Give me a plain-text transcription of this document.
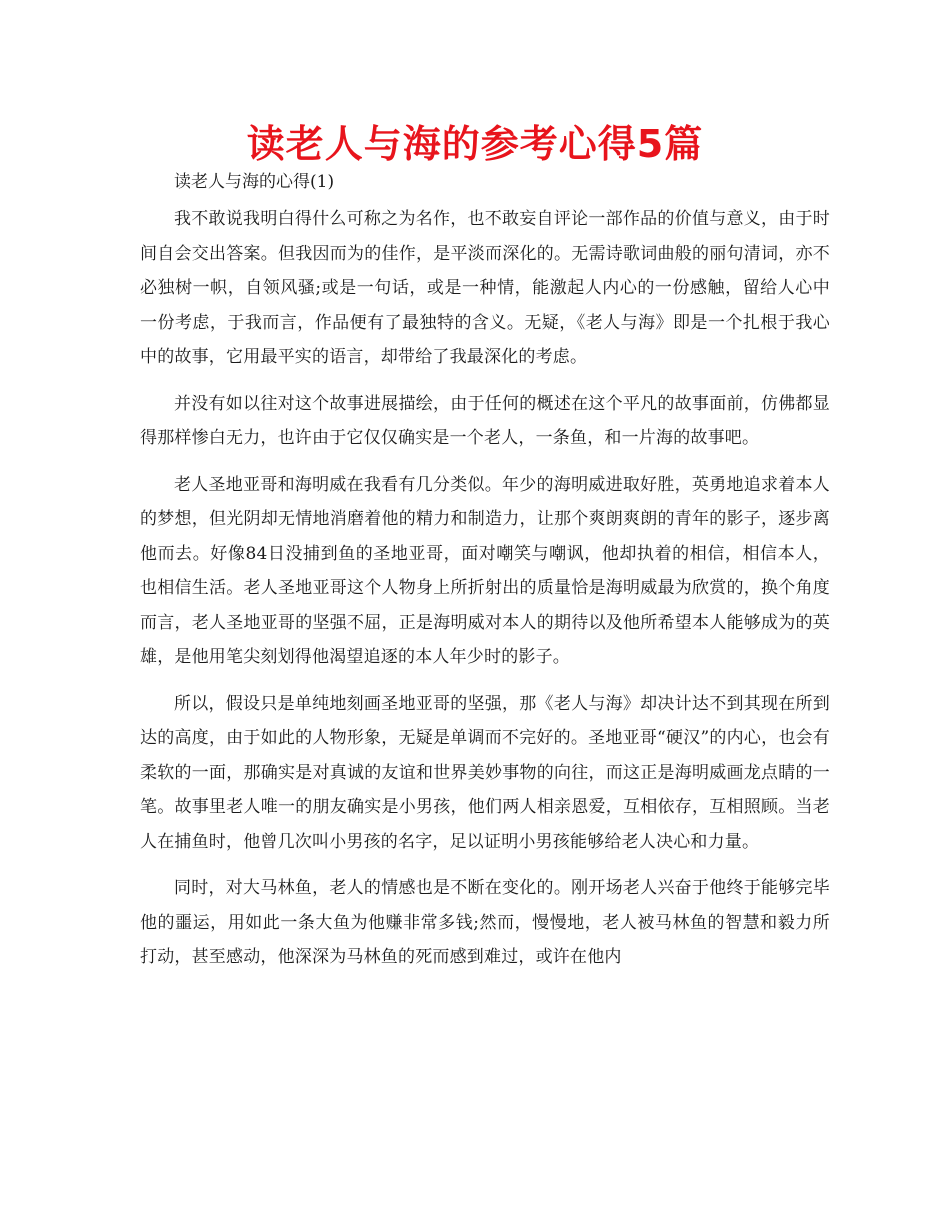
读老人与海的参考心得5篇

读老人与海的心得(1)

我不敢说我明白得什么可称之为名作，也不敢妄自评论一部作品的价值与意义，由于时间自会交出答案。但我因而为的佳作，是平淡而深化的。无需诗歌词曲般的丽句清词，亦不必独树一帜，自领风骚;或是一句话，或是一种情，能激起人内心的一份感触，留给人心中一份考虑，于我而言，作品便有了最独特的含义。无疑，《老人与海》即是一个扎根于我心中的故事，它用最平实的语言，却带给了我最深化的考虑。

并没有如以往对这个故事进展描绘，由于任何的概述在这个平凡的故事面前，仿佛都显得那样惨白无力，也许由于它仅仅确实是一个老人，一条鱼，和一片海的故事吧。

老人圣地亚哥和海明威在我看有几分类似。年少的海明威进取好胜，英勇地追求着本人的梦想，但光阴却无情地消磨着他的精力和制造力，让那个爽朗爽朗的青年的影子，逐步离他而去。好像84日没捕到鱼的圣地亚哥，面对嘲笑与嘲讽，他却执着的相信，相信本人，也相信生活。老人圣地亚哥这个人物身上所折射出的质量恰是海明威最为欣赏的，换个角度而言，老人圣地亚哥的坚强不屈，正是海明威对本人的期待以及他所希望本人能够成为的英雄，是他用笔尖刻划得他渴望追逐的本人年少时的影子。

所以，假设只是单纯地刻画圣地亚哥的坚强，那《老人与海》却决计达不到其现在所到达的高度，由于如此的人物形象，无疑是单调而不完好的。圣地亚哥“硬汉”的内心，也会有柔软的一面，那确实是对真诚的友谊和世界美妙事物的向往，而这正是海明威画龙点睛的一笔。故事里老人唯一的朋友确实是小男孩，他们两人相亲恩爱，互相依存，互相照顾。当老人在捕鱼时，他曾几次叫小男孩的名字，足以证明小男孩能够给老人决心和力量。

同时，对大马林鱼，老人的情感也是不断在变化的。刚开场老人兴奋于他终于能够完毕他的噩运，用如此一条大鱼为他赚非常多钱;然而，慢慢地，老人被马林鱼的智慧和毅力所打动，甚至感动，他深深为马林鱼的死而感到难过，或许在他内
